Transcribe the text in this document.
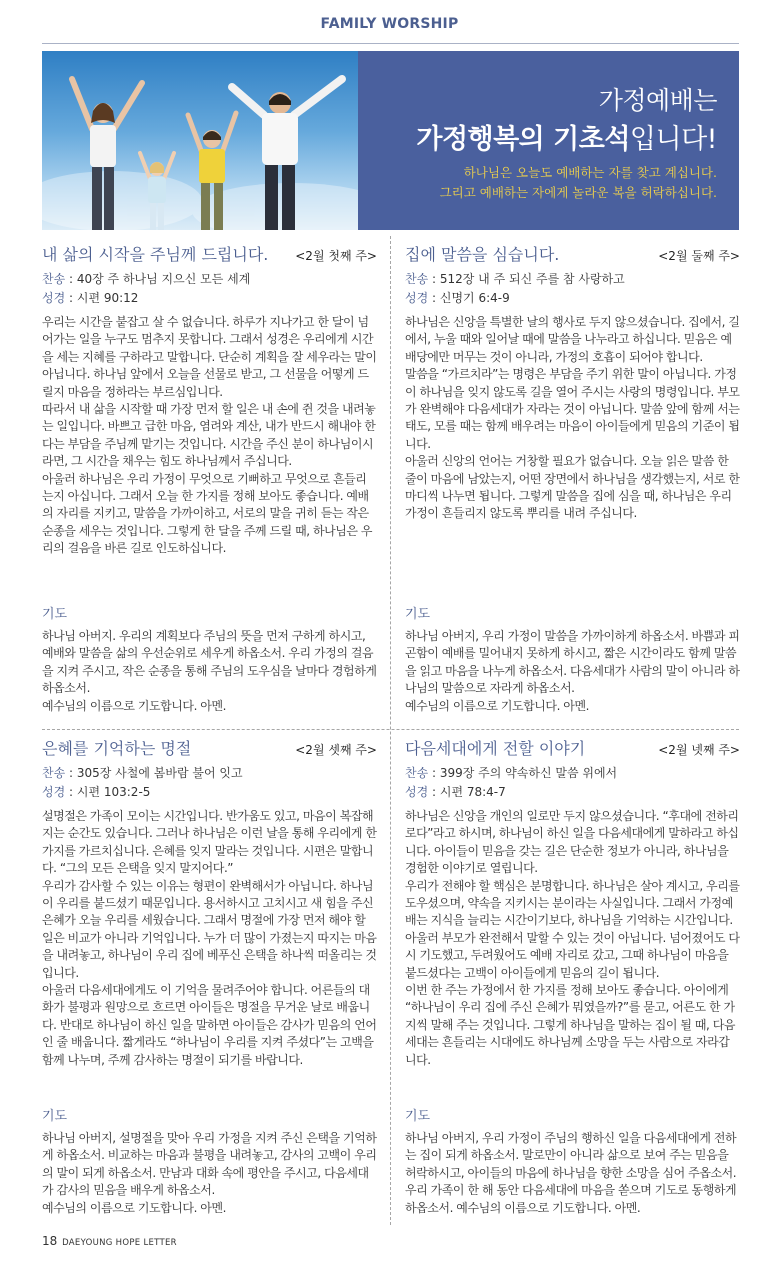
FAMILY WORSHIP
가정예배는
가정행복의 기초석입니다!
하나님은 오늘도 예배하는 자를 찾고 계십니다.
그리고 예배하는 자에게 놀라운 복을 허락하십니다.
내 삶의 시작을 주님께 드립니다.	<2월 첫째 주>
찬송 : 40장 주 하나님 지으신 모든 세계
성경 : 시편 90:12

우리는 시간을 붙잡고 살 수 없습니다. 하루가 지나가고 한 달이 넘어가는 일을 누구도 멈추지 못합니다. 그래서 성경은 우리에게 시간을 세는 지혜를 구하라고 말합니다. 단순히 계획을 잘 세우라는 말이 아닙니다. 하나님 앞에서 오늘을 선물로 받고, 그 선물을 어떻게 드릴지 마음을 정하라는 부르심입니다.

따라서 내 삶을 시작할 때 가장 먼저 할 일은 내 손에 쥔 것을 내려놓는 일입니다. 바쁘고 급한 마음, 염려와 계산, 내가 반드시 해내야 한다는 부담을 주님께 맡기는 것입니다. 시간을 주신 분이 하나님이시라면, 그 시간을 채우는 힘도 하나님께서 주십니다.

아울러 하나님은 우리 가정이 무엇으로 기뻐하고 무엇으로 흔들리는지 아십니다. 그래서 오늘 한 가지를 정해 보아도 좋습니다. 예배의 자리를 지키고, 말씀을 가까이하고, 서로의 말을 귀히 듣는 작은 순종을 세우는 것입니다. 그렇게 한 달을 주께 드릴 때, 하나님은 우리의 걸음을 바른 길로 인도하십니다.

기도

하나님 아버지. 우리의 계획보다 주님의 뜻을 먼저 구하게 하시고, 예배와 말씀을 삶의 우선순위로 세우게 하옵소서. 우리 가정의 걸음을 지켜 주시고, 작은 순종을 통해 주님의 도우심을 날마다 경험하게 하옵소서.

예수님의 이름으로 기도합니다. 아멘.

집에 말씀을 심습니다.	<2월 둘째 주>
찬송 : 512장 내 주 되신 주를 참 사랑하고
성경 : 신명기 6:4-9

하나님은 신앙을 특별한 날의 행사로 두지 않으셨습니다. 집에서, 길에서, 누울 때와 일어날 때에 말씀을 나누라고 하십니다. 믿음은 예배당에만 머무는 것이 아니라, 가정의 호흡이 되어야 합니다.

말씀을 “가르치라”는 명령은 부담을 주기 위한 말이 아닙니다. 가정이 하나님을 잊지 않도록 길을 열어 주시는 사랑의 명령입니다. 부모가 완벽해야 다음세대가 자라는 것이 아닙니다. 말씀 앞에 함께 서는 태도, 모를 때는 함께 배우려는 마음이 아이들에게 믿음의 기준이 됩니다.

아울러 신앙의 언어는 거창할 필요가 없습니다. 오늘 읽은 말씀 한 줄이 마음에 남았는지, 어떤 장면에서 하나님을 생각했는지, 서로 한마디씩 나누면 됩니다. 그렇게 말씀을 집에 심을 때, 하나님은 우리 가정이 흔들리지 않도록 뿌리를 내려 주십니다.

기도

하나님 아버지, 우리 가정이 말씀을 가까이하게 하옵소서. 바쁨과 피곤함이 예배를 밀어내지 못하게 하시고, 짧은 시간이라도 함께 말씀을 읽고 마음을 나누게 하옵소서. 다음세대가 사람의 말이 아니라 하나님의 말씀으로 자라게 하옵소서.

예수님의 이름으로 기도합니다. 아멘.

은혜를 기억하는 명절	<2월 셋째 주>
찬송 : 305장 사철에 봄바람 불어 잇고
성경 : 시편 103:2-5

설명절은 가족이 모이는 시간입니다. 반가움도 있고, 마음이 복잡해지는 순간도 있습니다. 그러나 하나님은 이런 날을 통해 우리에게 한 가지를 가르치십니다. 은혜를 잊지 말라는 것입니다. 시편은 말합니다. “그의 모든 은택을 잊지 말지어다.”

우리가 감사할 수 있는 이유는 형편이 완벽해서가 아닙니다. 하나님이 우리를 붙드셨기 때문입니다. 용서하시고 고치시고 새 힘을 주신 은혜가 오늘 우리를 세웠습니다. 그래서 명절에 가장 먼저 해야 할 일은 비교가 아니라 기억입니다. 누가 더 많이 가졌는지 따지는 마음을 내려놓고, 하나님이 우리 집에 베푸신 은택을 하나씩 떠올리는 것입니다.

아울러 다음세대에게도 이 기억을 물려주어야 합니다. 어른들의 대화가 불평과 원망으로 흐르면 아이들은 명절을 무거운 날로 배웁니다. 반대로 하나님이 하신 일을 말하면 아이들은 감사가 믿음의 언어인 줄 배웁니다. 짧게라도 “하나님이 우리를 지켜 주셨다”는 고백을 함께 나누며, 주께 감사하는 명절이 되기를 바랍니다.

기도

하나님 아버지, 설명절을 맞아 우리 가정을 지켜 주신 은택을 기억하게 하옵소서. 비교하는 마음과 불평을 내려놓고, 감사의 고백이 우리의 말이 되게 하옵소서. 만남과 대화 속에 평안을 주시고, 다음세대가 감사의 믿음을 배우게 하옵소서.

예수님의 이름으로 기도합니다. 아멘.

다음세대에게 전할 이야기	<2월 넷째 주>
찬송 : 399장 주의 약속하신 말씀 위에서
성경 : 시편 78:4-7

하나님은 신앙을 개인의 일로만 두지 않으셨습니다. “후대에 전하리로다”라고 하시며, 하나님이 하신 일을 다음세대에게 말하라고 하십니다. 아이들이 믿음을 갖는 길은 단순한 정보가 아니라, 하나님을 경험한 이야기로 열립니다.

우리가 전해야 할 핵심은 분명합니다. 하나님은 살아 계시고, 우리를 도우셨으며, 약속을 지키시는 분이라는 사실입니다. 그래서 가정예배는 지식을 늘리는 시간이기보다, 하나님을 기억하는 시간입니다. 아울러 부모가 완전해서 말할 수 있는 것이 아닙니다. 넘어졌어도 다시 기도했고, 두려웠어도 예배 자리로 갔고, 그때 하나님이 마음을 붙드셨다는 고백이 아이들에게 믿음의 길이 됩니다.

이번 한 주는 가정에서 한 가지를 정해 보아도 좋습니다. 아이에게 “하나님이 우리 집에 주신 은혜가 뭐였을까?”를 묻고, 어른도 한 가지씩 말해 주는 것입니다. 그렇게 하나님을 말하는 집이 될 때, 다음세대는 흔들리는 시대에도 하나님께 소망을 두는 사람으로 자라갑니다.

기도

하나님 아버지, 우리 가정이 주님의 행하신 일을 다음세대에게 전하는 집이 되게 하옵소서. 말로만이 아니라 삶으로 보여 주는 믿음을 허락하시고, 아이들의 마음에 하나님을 향한 소망을 심어 주옵소서. 우리 가족이 한 해 동안 다음세대에 마음을 쏟으며 기도로 동행하게 하옵소서. 예수님의 이름으로 기도합니다. 아멘.

18 DAEYOUNG HOPE LETTER
